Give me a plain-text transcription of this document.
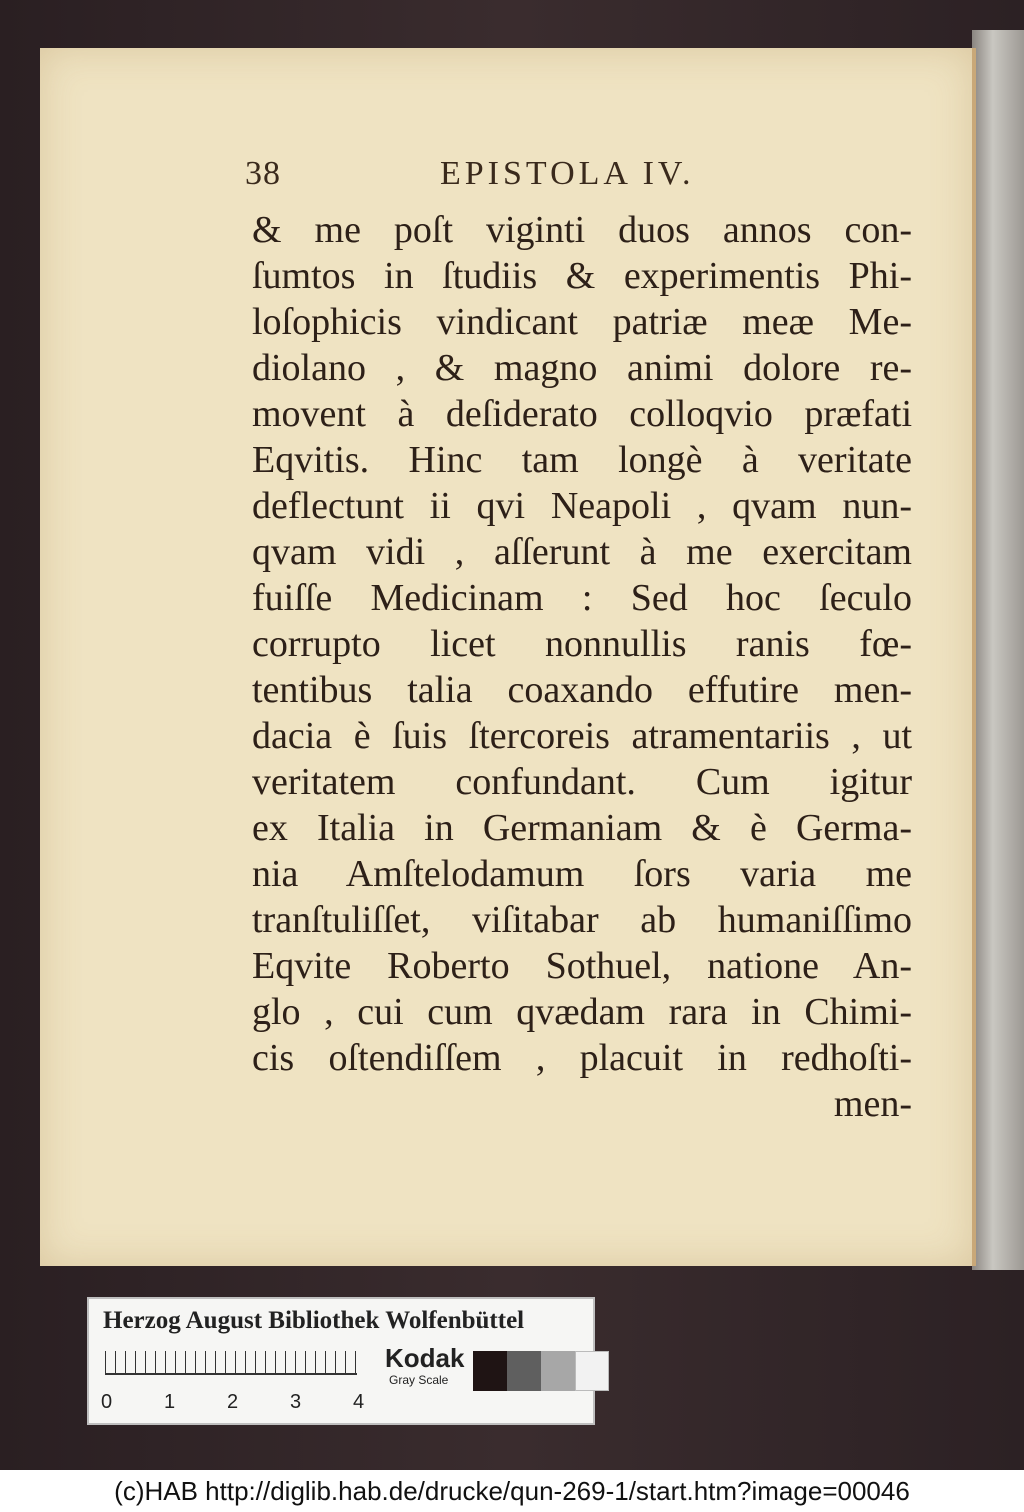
38	EPISTOLA IV.
& me poſt viginti duos annos con-
ſumtos in ſtudiis & experimentis Phi-
loſophicis vindicant patriæ meæ Me-
diolano , & magno animi dolore re-
movent à deſiderato colloqvio præfati
Eqvitis. Hinc tam longè à veritate
deflectunt ii qvi Neapoli , qvam nun-
qvam vidi , aſſerunt à me exercitam
fuiſſe Medicinam : Sed hoc ſeculo
corrupto licet nonnullis ranis fœ-
tentibus talia coaxando effutire men-
dacia è ſuis ſtercoreis atramentariis , ut
veritatem confundant. Cum igitur
ex Italia in Germaniam & è Germa-
nia Amſtelodamum ſors varia me
tranſtuliſſet, viſitabar ab humaniſſimo
Eqvite Roberto Sothuel, natione An-
glo , cui cum qvædam rara in Chimi-
cis oſtendiſſem , placuit in redhoſti-
men-
Herzog August Bibliothek Wolfenbüttel
0	1	2	3	4
Kodak
Gray Scale
(c)HAB http://diglib.hab.de/drucke/qun-269-1/start.htm?image=00046
